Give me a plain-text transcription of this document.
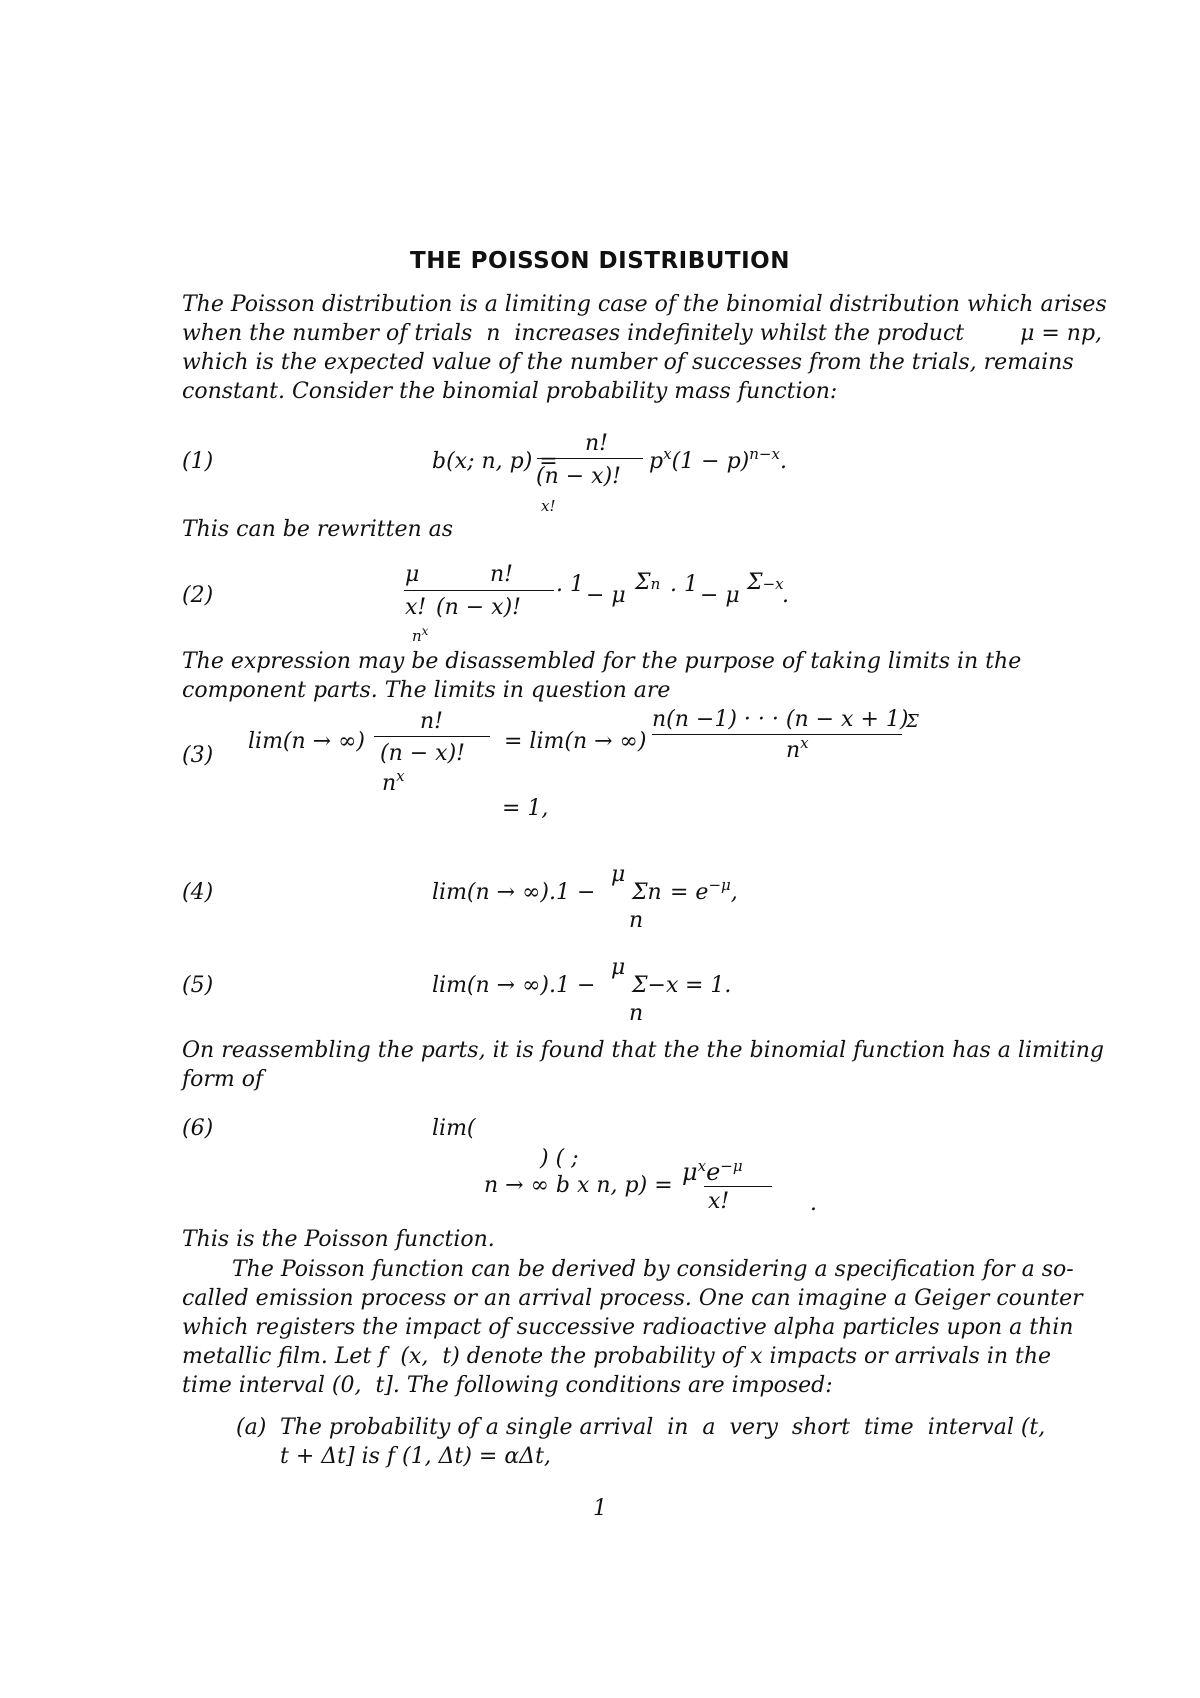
THE POISSON DISTRIBUTION
The Poisson distribution is a limiting case of the binomial distribution which arises
when the number of trials  n  increases indefinitely whilst the product        μ = np,
which is the expected value of the number of successes from the trials, remains
constant. Consider the binomial probability mass function:
(1)	b(x; n, p) =
n!
(n − x)!
x!
$p^x(1 - p)^{n-x}$.
This can be rewritten as
(2)
μ
x!
n!
(n − x)!
$n^x$
. 1 − μ
Σn . 1 − μ
Σ−x
.
The expression may be disassembled for the purpose of taking limits in the
component parts. The limits in question are
(3)
lim(n → ∞)
n!
(n − x)!
$n^x$
= lim(n → ∞)
n(n −1) · · · (n − x + 1)
Σ
$n^x$
= 1,
(4)	lim(n → ∞).1 −
μ
Σn
n
= $e^{-\mu}$,
(5)	lim(n → ∞).1 −
μ
Σ−x
n
= 1.
On reassembling the parts, it is found that the the binomial function has a limiting
form of
(6)	lim(
) ( ;
n → ∞ b x n, $p) = \mu^xe^{-\mu}$
x!	.
This is the Poisson function.
The Poisson function can be derived by considering a specification for a so-
called emission process or an arrival process. One can imagine a Geiger counter
which registers the impact of successive radioactive alpha particles upon a thin
metallic film. Let f  (x,  t) denote the probability of x impacts or arrivals in the
time interval (0,  t]. The following conditions are imposed:
(a) The probability of a single arrival  in  a  very  short  time  interval (t,
t + Δt] is f (1, Δt) = αΔt,
1
